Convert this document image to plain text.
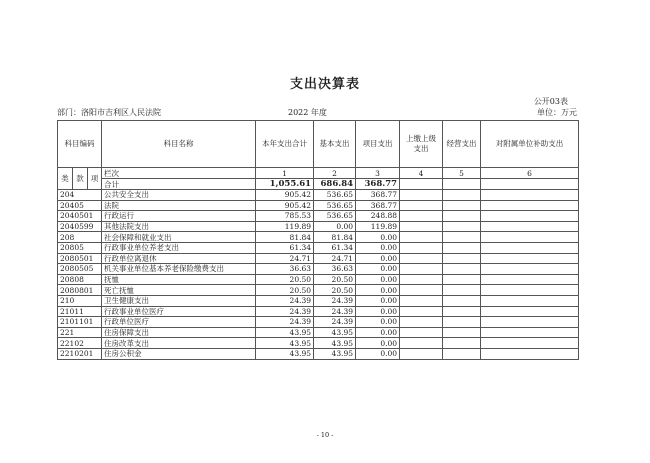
支出决算表
公开03表
部门：洛阳市吉利区人民法院	2022 年度	单位：万元
科目编码			科目名称	本年支出合计	基本支出	项目支出	上缴上级支出	经营支出	对附属单位补助支出
类	款	项	栏次	1	2	3	4	5	6
			合计	1,055.61	686.84	368.77			
204			公共安全支出	905.42	536.65	368.77			
20405			法院	905.42	536.65	368.77			
2040501			行政运行	785.53	536.65	248.88			
2040599			其他法院支出	119.89	0.00	119.89			
208			社会保障和就业支出	81.84	81.84	0.00			
20805			行政事业单位养老支出	61.34	61.34	0.00			
2080501			行政单位离退休	24.71	24.71	0.00			
2080505			机关事业单位基本养老保险缴费支出	36.63	36.63	0.00			
20808			抚恤	20.50	20.50	0.00			
2080801			死亡抚恤	20.50	20.50	0.00			
210			卫生健康支出	24.39	24.39	0.00			
21011			行政事业单位医疗	24.39	24.39	0.00			
2101101			行政单位医疗	24.39	24.39	0.00			
221			住房保障支出	43.95	43.95	0.00			
22102			住房改革支出	43.95	43.95	0.00			
2210201			住房公积金	43.95	43.95	0.00			
- 10 -
